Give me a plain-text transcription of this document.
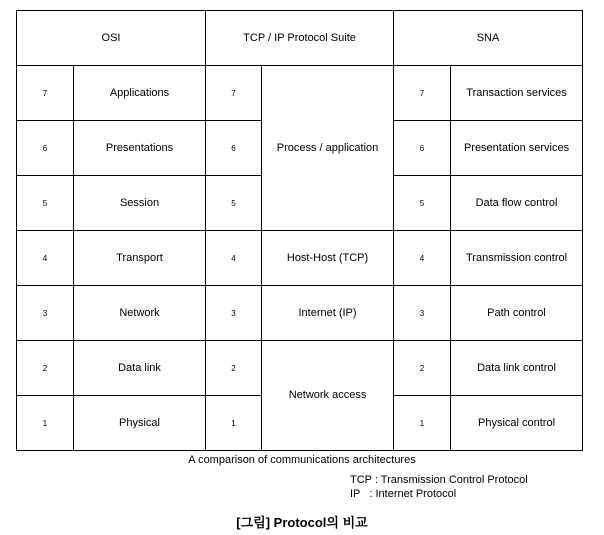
OSI		TCP / IP Protocol Suite		SNA	
7	Applications	7	Process / application	7	Transaction services
6	Presentations	6		6	Presentation services
5	Session	5		5	Data flow control
4	Transport	4	Host-Host (TCP)	4	Transmission control
3	Network	3	Internet (IP)	3	Path control
2	Data link	2	Network access	2	Data link control
1	Physical	1		1	Physical control
A comparison of communications architectures
TCP : Transmission Control Protocol
IP   : Internet Protocol
[그림] Protocol의 비교
